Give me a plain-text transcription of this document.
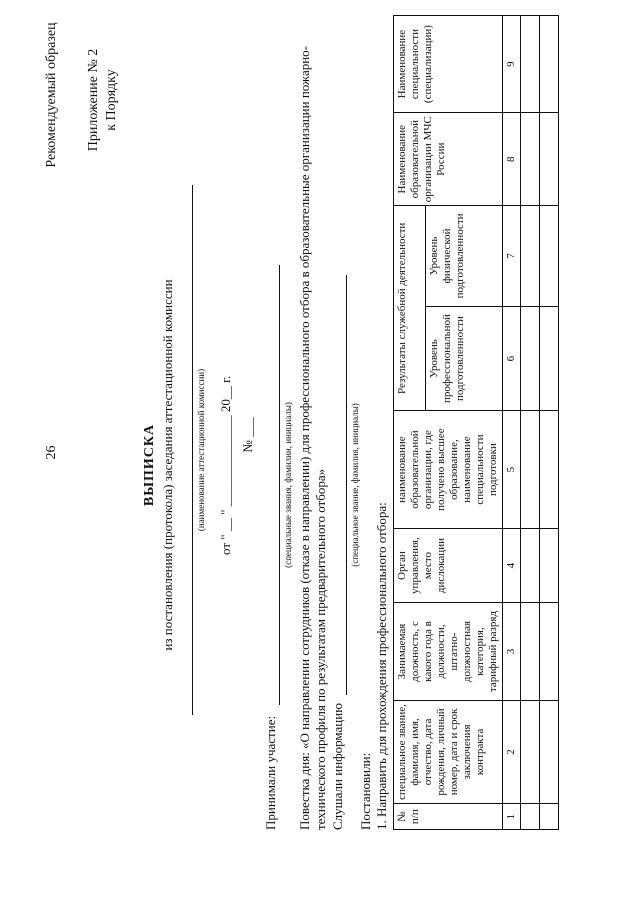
26
Приложение № 2 к Порядку
Рекомендуемый образец
ВЫПИСКА из постановления (протокола) заседания аттестационной комиссии (наименование аттестационной комиссии) от " __ " ______________ 20__ г. № ___
Принимали участие:
(специальные звания, фамилии, инициалы) Повестка дня: «О направлении сотрудников (отказе в направлении) для профессионального отбора в образовательные организации пожарно-технического профиля по результатам предварительного отбора» Слушали информацию
(специальное звание, фамилия, инициалы)
Постановили: 1. Направить для прохождения профессионального отбора: № п/п	специальное звание, фамилия, имя, отчество, дата рождения, личный номер, дата и срок заключения контракта	Занимаемая должность, с какого года в должности, штатно-должностная категория, тарифный разряд	Орган управления, место дислокации	наименование образовательной организации, где получено высшее образование, наименование специальности подготовки	Результаты служебной деятельности		Наименование образовательной организации МЧС России	Наименование специальности (специализации)
					Уровень профессиональной подготовленности	Уровень физической подготовленности		
1	2	3	4	5	6	7	8	9
